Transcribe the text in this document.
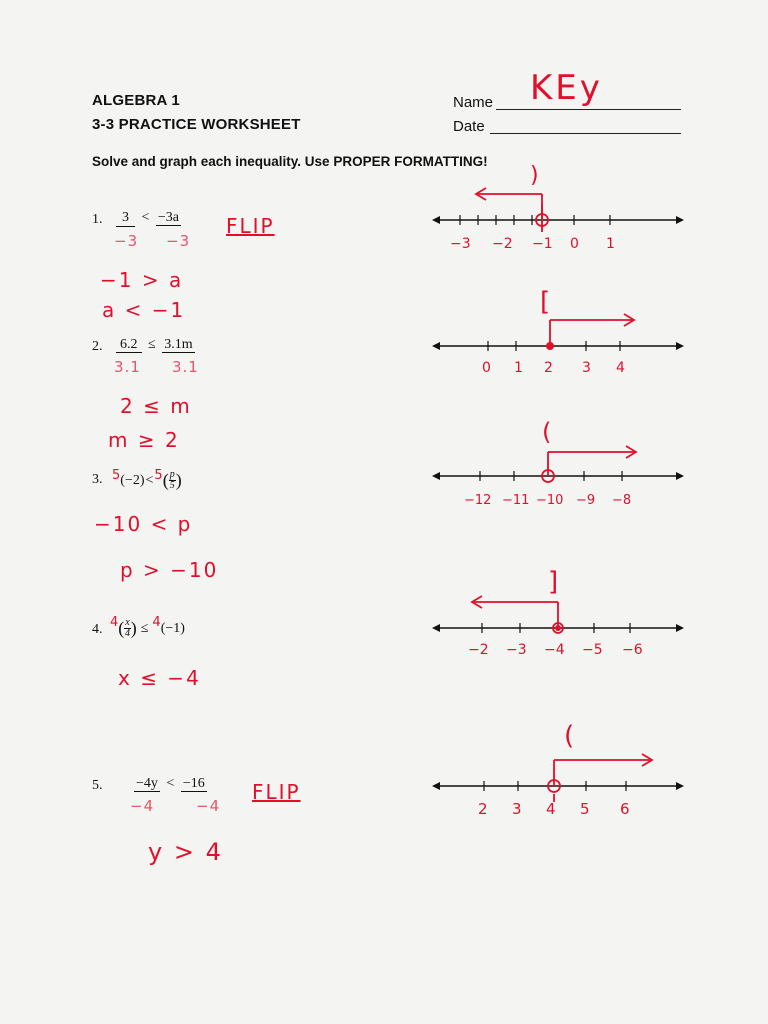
ALGEBRA 1
3-3 PRACTICE WORKSHEET
Name KEy
Date
Solve and graph each inequality. Use PROPER FORMATTING!
1.	3 < −3a
−3 −3
FLIP
−1 > a
a < −1
)
−3 −2 −1 0 1
2. 6.2 ≤ 3.1m
3.1 3.1
2 ≤ m
m ≥ 2
[
0 1 2 3 4
3. 5 (−2) < 5 ( $\frac{p}{5}$ )
−10 < p
p > −10
(
−12 −11 −10 −9 −8
4. 4 ( $\frac{x}{4}$ ) ≤ 4 (−1)
x ≤ −4
]
−2 −3 −4 −5 −6
5. −4y < −16
−4	−4
FLIP
y > 4
(
2 3 4 5 6
